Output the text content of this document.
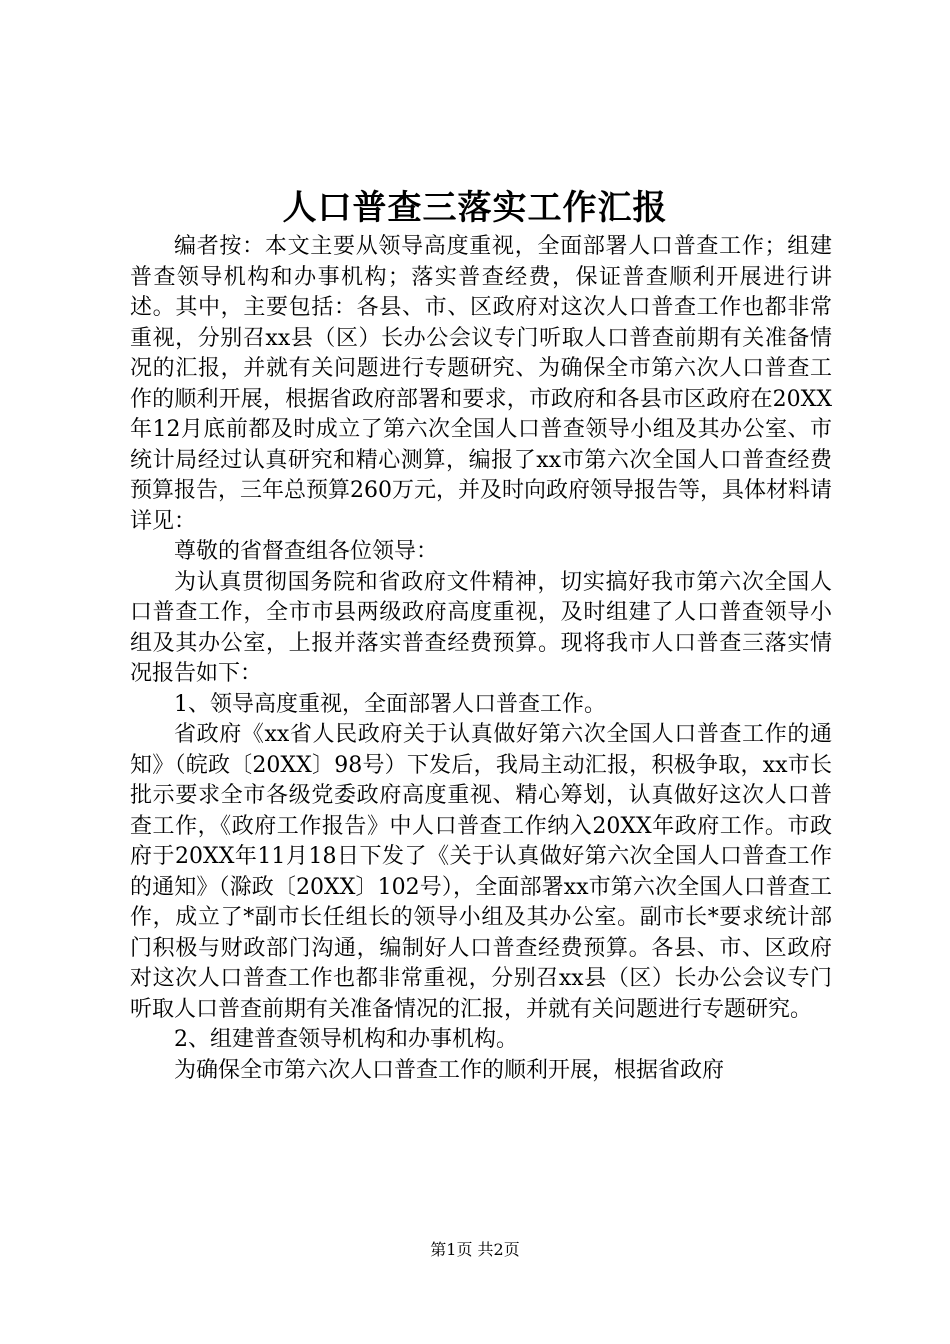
人口普查三落实工作汇报

编者按：本文主要从领导高度重视，全面部署人口普查工作；组建普查领导机构和办事机构；落实普查经费，保证普查顺利开展进行讲述。其中，主要包括：各县、市、区政府对这次人口普查工作也都非常重视，分别召xx县（区）长办公会议专门听取人口普查前期有关准备情况的汇报，并就有关问题进行专题研究、为确保全市第六次人口普查工作的顺利开展，根据省政府部署和要求，市政府和各县市区政府在20XX年12月底前都及时成立了第六次全国人口普查领导小组及其办公室、市统计局经过认真研究和精心测算，编报了xx市第六次全国人口普查经费预算报告，三年总预算260万元，并及时向政府领导报告等，具体材料请详见：

尊敬的省督查组各位领导：

为认真贯彻国务院和省政府文件精神，切实搞好我市第六次全国人口普查工作，全市市县两级政府高度重视，及时组建了人口普查领导小组及其办公室，上报并落实普查经费预算。现将我市人口普查三落实情况报告如下：

1、领导高度重视，全面部署人口普查工作。

省政府《xx省人民政府关于认真做好第六次全国人口普查工作的通知》（皖政〔20XX〕98号）下发后，我局主动汇报，积极争取，xx市长批示要求全市各级党委政府高度重视、精心筹划，认真做好这次人口普查工作，《政府工作报告》中人口普查工作纳入20XX年政府工作。市政府于20XX年11月18日下发了《关于认真做好第六次全国人口普查工作的通知》（滁政〔20XX〕102号），全面部署xx市第六次全国人口普查工作，成立了*副市长任组长的领导小组及其办公室。副市长*要求统计部门积极与财政部门沟通，编制好人口普查经费预算。各县、市、区政府对这次人口普查工作也都非常重视，分别召xx县（区）长办公会议专门听取人口普查前期有关准备情况的汇报，并就有关问题进行专题研究。

2、组建普查领导机构和办事机构。

为确保全市第六次人口普查工作的顺利开展，根据省政府

第1页 共2页
